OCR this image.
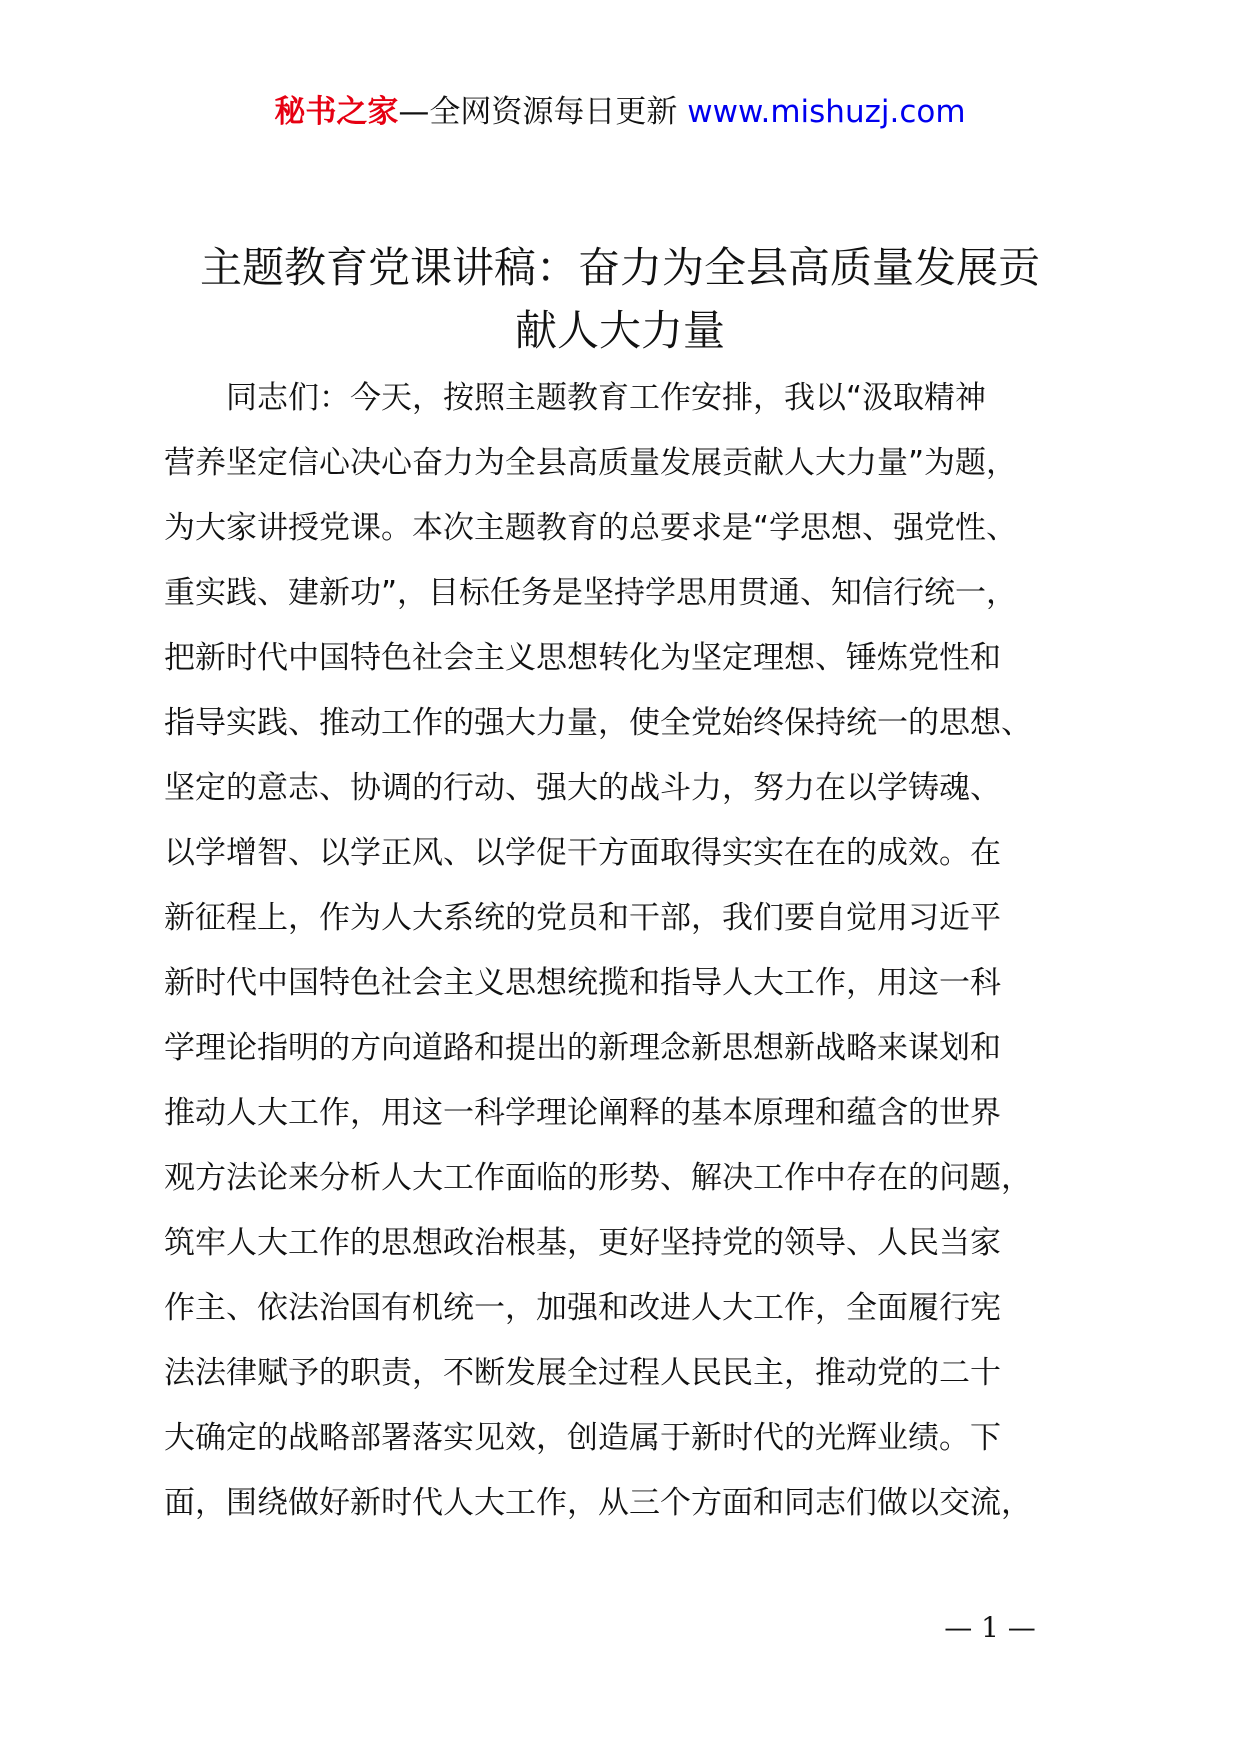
秘书之家—全网资源每日更新 www.mishuzj.com
主题教育党课讲稿：奋力为全县高质量发展贡
献人大力量
　　同志们：今天，按照主题教育工作安排，我以“汲取精神
营养坚定信心决心奋力为全县高质量发展贡献人大力量”为题，
为大家讲授党课。本次主题教育的总要求是“学思想、强党性、
重实践、建新功”，目标任务是坚持学思用贯通、知信行统一，
把新时代中国特色社会主义思想转化为坚定理想、锤炼党性和
指导实践、推动工作的强大力量，使全党始终保持统一的思想、
坚定的意志、协调的行动、强大的战斗力，努力在以学铸魂、
以学增智、以学正风、以学促干方面取得实实在在的成效。在
新征程上，作为人大系统的党员和干部，我们要自觉用习近平
新时代中国特色社会主义思想统揽和指导人大工作，用这一科
学理论指明的方向道路和提出的新理念新思想新战略来谋划和
推动人大工作，用这一科学理论阐释的基本原理和蕴含的世界
观方法论来分析人大工作面临的形势、解决工作中存在的问题，
筑牢人大工作的思想政治根基，更好坚持党的领导、人民当家
作主、依法治国有机统一，加强和改进人大工作，全面履行宪
法法律赋予的职责，不断发展全过程人民民主，推动党的二十
大确定的战略部署落实见效，创造属于新时代的光辉业绩。下
面，围绕做好新时代人大工作，从三个方面和同志们做以交流，
— 1 —
